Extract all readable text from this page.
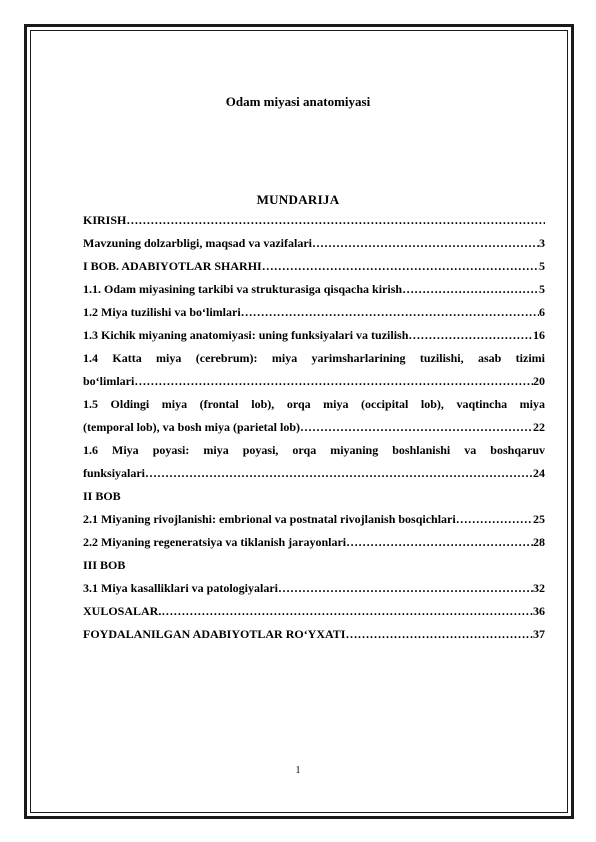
Odam miyasi anatomiyasi
MUNDARIJA
KIRISH
……………………………………………………………………………………………………………………………………
Mavzuning dolzarbligi, maqsad va vazifalari ……………………………………………………………………………………………………………………………………	3
I BOB. ADABIYOTLAR SHARHI ……………………………………………………………………………………………………………………………………	5
1.1. Odam miyasining tarkibi va strukturasiga qisqacha kirish ……………………………………………………………………………………………………………………………………	5
1.2 Miya tuzilishi va bo‘limlari ……………………………………………………………………………………………………………………………………	6
1.3 Kichik miyaning anatomiyasi: uning funksiyalari va tuzilish ……………………………………………………………………………………………………………………………………	16
1.4 Katta miya (cerebrum): miya yarimsharlarining tuzilishi, asab tizimi
bo‘limlari ……………………………………………………………………………………………………………………………………	20
1.5 Oldingi miya (frontal lob), orqa miya (occipital lob), vaqtincha miya
(temporal lob), va bosh miya (parietal lob) ……………………………………………………………………………………………………………………………………	22
1.6 Miya poyasi: miya poyasi, orqa miyaning boshlanishi va boshqaruv
funksiyalari ……………………………………………………………………………………………………………………………………	24
II BOB
2.1 Miyaning rivojlanishi: embrional va postnatal rivojlanish bosqichlari ……………………………………………………………………………………………………………………………………	25
2.2 Miyaning regeneratsiya va tiklanish jarayonlari ……………………………………………………………………………………………………………………………………	28
III BOB
3.1 Miya kasalliklari va patologiyalari ……………………………………………………………………………………………………………………………………	32
XULOSALAR. ……………………………………………………………………………………………………………………………………	36
FOYDALANILGAN ADABIYOTLAR RO‘YXATI ……………………………………………………………………………………………………………………………………	37
1
